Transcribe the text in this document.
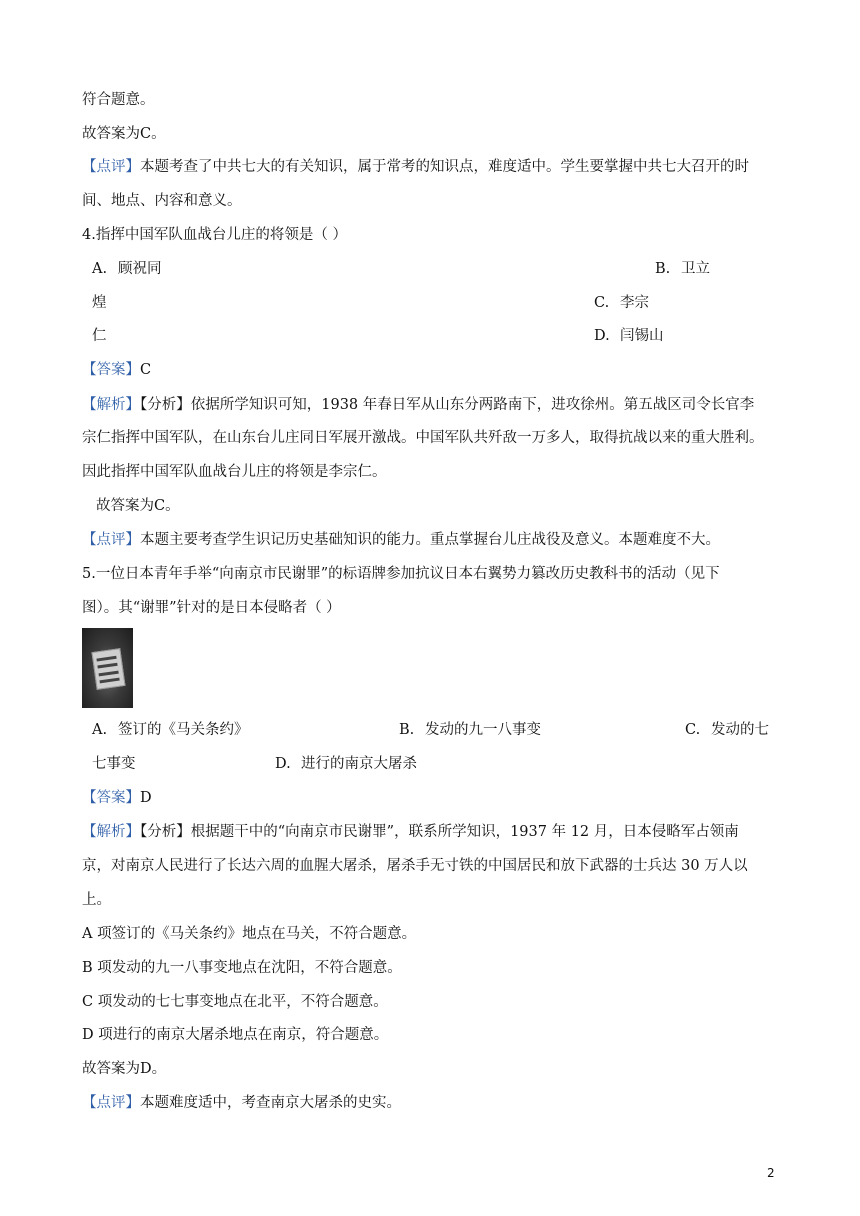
符合题意。
故答案为C。
【点评】本题考查了中共七大的有关知识，属于常考的知识点，难度适中。学生要掌握中共七大召开的时
间、地点、内容和意义。
4.指挥中国军队血战台儿庄的将领是（ ）
A. 顾祝同	B. 卫立
煌	C. 李宗
仁	D. 闫锡山
【答案】C
【解析】【分析】依据所学知识可知，1938 年春日军从山东分两路南下，进攻徐州。第五战区司令长官李
宗仁指挥中国军队，在山东台儿庄同日军展开激战。中国军队共歼敌一万多人，取得抗战以来的重大胜利。
因此指挥中国军队血战台儿庄的将领是李宗仁。
故答案为C。
【点评】本题主要考查学生识记历史基础知识的能力。重点掌握台儿庄战役及意义。本题难度不大。
5.一位日本青年手举“向南京市民谢罪”的标语牌参加抗议日本右翼势力篡改历史教科书的活动（见下
图）。其“谢罪”针对的是日本侵略者（ ）
A. 签订的《马关条约》	B. 发动的九一八事变	C. 发动的七
七事变	D. 进行的南京大屠杀
【答案】D
【解析】【分析】根据题干中的“向南京市民谢罪”，联系所学知识，1937 年 12 月，日本侵略军占领南
京，对南京人民进行了长达六周的血腥大屠杀，屠杀手无寸铁的中国居民和放下武器的士兵达 30 万人以
上。
A 项签订的《马关条约》地点在马关，不符合题意。
B 项发动的九一八事变地点在沈阳，不符合题意。
C 项发动的七七事变地点在北平，不符合题意。
D 项进行的南京大屠杀地点在南京，符合题意。
故答案为D。
【点评】本题难度适中，考查南京大屠杀的史实。
2
